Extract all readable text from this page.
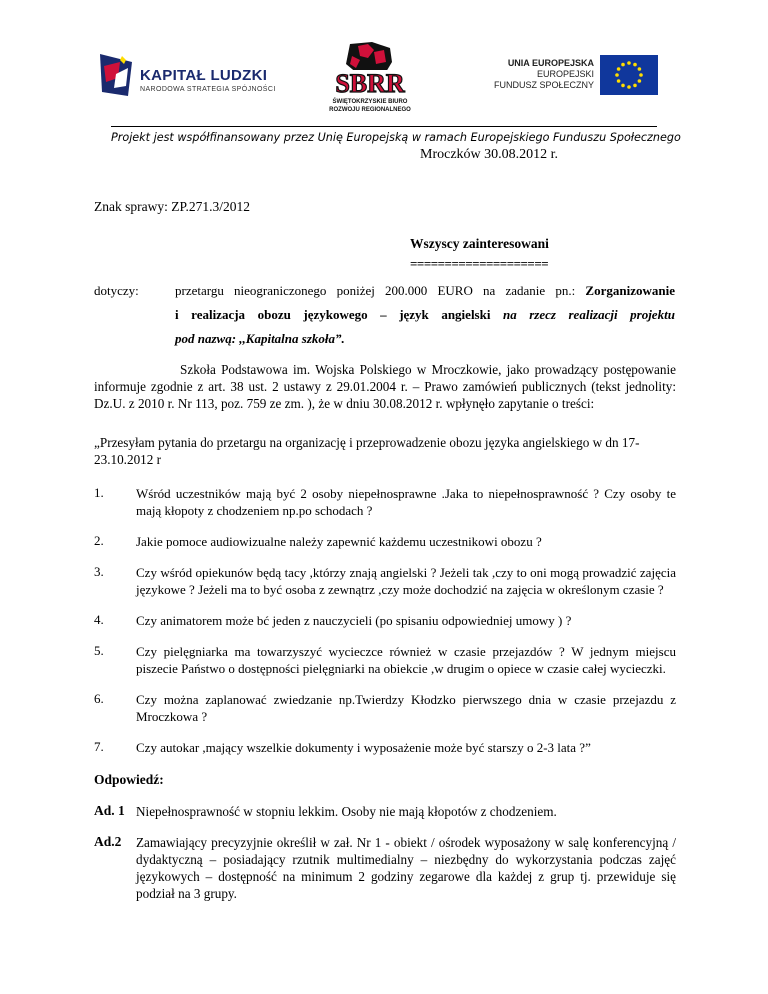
KAPITAŁ LUDZKI
NARODOWA STRATEGIA SPÓJNOŚCI SBRR
ŚWIĘTOKRZYSKIE BIURO
ROZWOJU REGIONALNEGO
UNIA EUROPEJSKA
EUROPEJSKI
FUNDUSZ SPOŁECZNY
Projekt jest współfinansowany przez Unię Europejską w ramach Europejskiego Funduszu Społecznego
Mroczków 30.08.2012 r.
Znak sprawy: ZP.271.3/2012
Wszyscy zainteresowani
====================
dotyczy:	przetargu nieograniczonego poniżej 200.000 EURO na zadanie pn.: Zorganizowanie
i realizacja obozu językowego – język angielski na rzecz realizacji projektu
pod nazwą: ,,Kapitalna szkoła”.
Szkoła Podstawowa im. Wojska Polskiego w Mroczkowie, jako prowadzący postępowanie informuje zgodnie z art. 38 ust. 2 ustawy z 29.01.2004 r. – Prawo zamówień publicznych (tekst jednolity: Dz.U. z 2010 r. Nr 113, poz. 759 ze zm. ), że w dniu 30.08.2012 r. wpłynęło zapytanie o treści:
„Przesyłam pytania do przetargu na organizację i przeprowadzenie obozu języka angielskiego w dn 17-23.10.2012 r
1. Wśród uczestników mają być 2 osoby niepełnosprawne .Jaka to niepełnosprawność ? Czy osoby te mają kłopoty z chodzeniem np.po schodach ?
2. Jakie pomoce audiowizualne należy zapewnić każdemu uczestnikowi obozu ?
3. Czy wśród opiekunów będą tacy ,którzy znają angielski ? Jeżeli tak ,czy to oni mogą prowadzić zajęcia językowe ? Jeżeli ma to być osoba z zewnątrz ,czy może dochodzić na zajęcia w określonym czasie ?
4. Czy animatorem może bć jeden z nauczycieli (po spisaniu odpowiedniej umowy ) ?
5. Czy pielęgniarka ma towarzyszyć wycieczce również w czasie przejazdów ? W jednym miejscu piszecie Państwo o dostępności pielęgniarki na obiekcie ,w drugim o opiece w czasie całej wycieczki.
6. Czy można zaplanować zwiedzanie np.Twierdzy Kłodzko pierwszego dnia w czasie przejazdu z Mroczkowa ?
7. Czy autokar ,mający wszelkie dokumenty i wyposażenie może być starszy o 2-3 lata ?”
Odpowiedź:
Ad. 1 Niepełnosprawność w stopniu lekkim. Osoby nie mają kłopotów z chodzeniem.
Ad.2 Zamawiający precyzyjnie określił w zał. Nr 1 - obiekt / ośrodek wyposażony w salę konferencyjną / dydaktyczną – posiadający rzutnik multimedialny – niezbędny do wykorzystania podczas zajęć językowych – dostępność na minimum 2 godziny zegarowe dla każdej z grup tj. przewiduje się podział na 3 grupy.
